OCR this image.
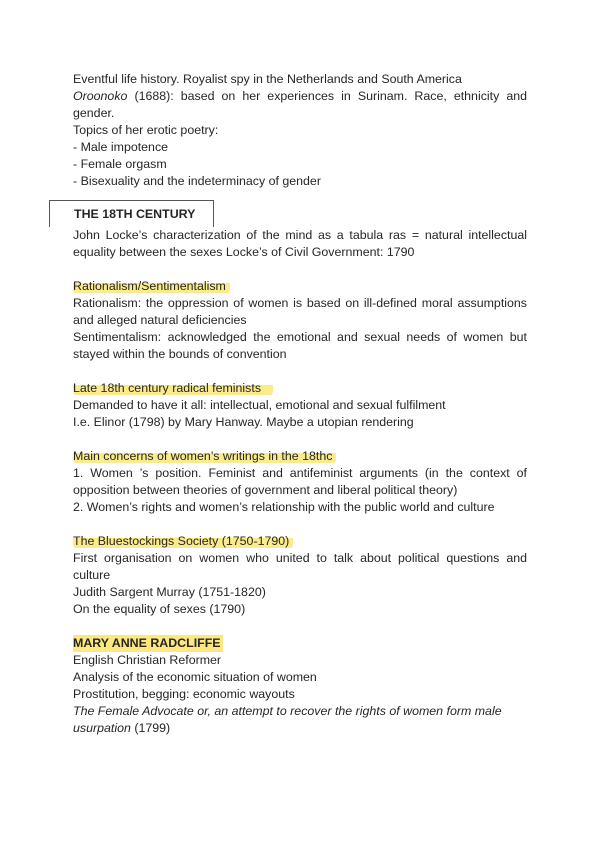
Eventful life history. Royalist spy in the Netherlands and South America

Oroonoko (1688): based on her experiences in Surinam. Race, ethnicity and gender.

Topics of her erotic poetry:

- Male impotence

- Female orgasm

- Bisexuality and the indeterminacy of gender

THE 18TH CENTURY

John Locke’s characterization of the mind as a tabula ras = natural intellectual equality between the sexes Locke’s of Civil Government: 1790

Rationalism/Sentimentalism

Rationalism: the oppression of women is based on ill-defined moral assumptions and alleged natural deficiencies

Sentimentalism: acknowledged the emotional and sexual needs of women but stayed within the bounds of convention

Late 18th century radical feminists

Demanded to have it all: intellectual, emotional and sexual fulfilment

I.e. Elinor (1798) by Mary Hanway. Maybe a utopian rendering

Main concerns of women’s writings in the 18thc

1. Women ’s position. Feminist and antifeminist arguments (in the context of opposition between theories of government and liberal political theory)

2. Women’s rights and women’s relationship with the public world and culture

The Bluestockings Society (1750-1790)

First organisation on women who united to talk about political questions and culture

Judith Sargent Murray (1751-1820)

On the equality of sexes (1790)

MARY ANNE RADCLIFFE

English Christian Reformer

Analysis of the economic situation of women

Prostitution, begging: economic wayouts

The Female Advocate or, an attempt to recover the rights of women form male usurpation (1799)
